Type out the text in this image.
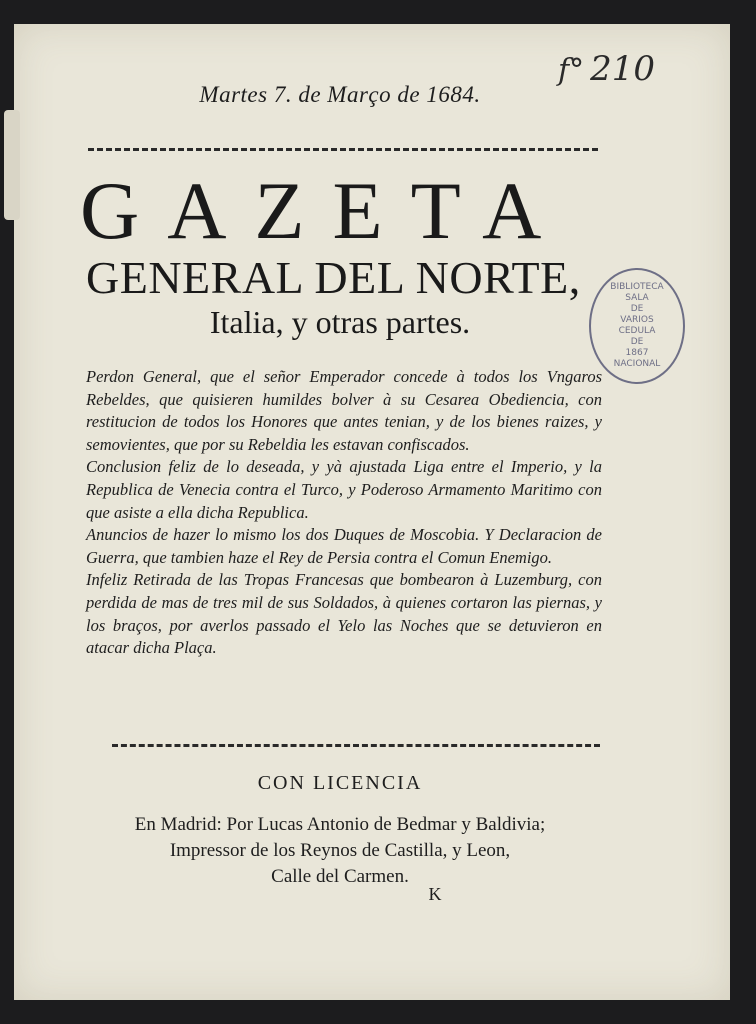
f° 210
Martes 7. de Março de 1684.
GAZETA
GENERAL DEL NORTE,
Italia, y otras partes.
BIBLIOTECA
SALA
DE
VARIOS
CEDULA
DE
1867
NACIONAL

Perdon General, que el señor Emperador concede à todos los Vngaros Rebeldes, que quisieren humildes bolver à su Cesarea Obediencia, con restitucion de todos los Honores que antes tenian, y de los bienes raizes, y semovientes, que por su Rebeldia les estavan confiscados.

Conclusion feliz de lo deseada, y yà ajustada Liga entre el Imperio, y la Republica de Venecia contra el Turco, y Poderoso Armamento Maritimo con que asiste a ella dicha Republica.

Anuncios de hazer lo mismo los dos Duques de Moscobia. Y Declaracion de Guerra, que tambien haze el Rey de Persia contra el Comun Enemigo.

Infeliz Retirada de las Tropas Francesas que bombearon à Luzemburg, con perdida de mas de tres mil de sus Soldados, à quienes cortaron las piernas, y los braços, por averlos passado el Yelo las Noches que se detuvieron en atacar dicha Plaça.

CON LICENCIA
En Madrid: Por Lucas Antonio de Bedmar y Baldivia;
Impressor de los Reynos de Castilla, y Leon,
Calle del Carmen.
K
